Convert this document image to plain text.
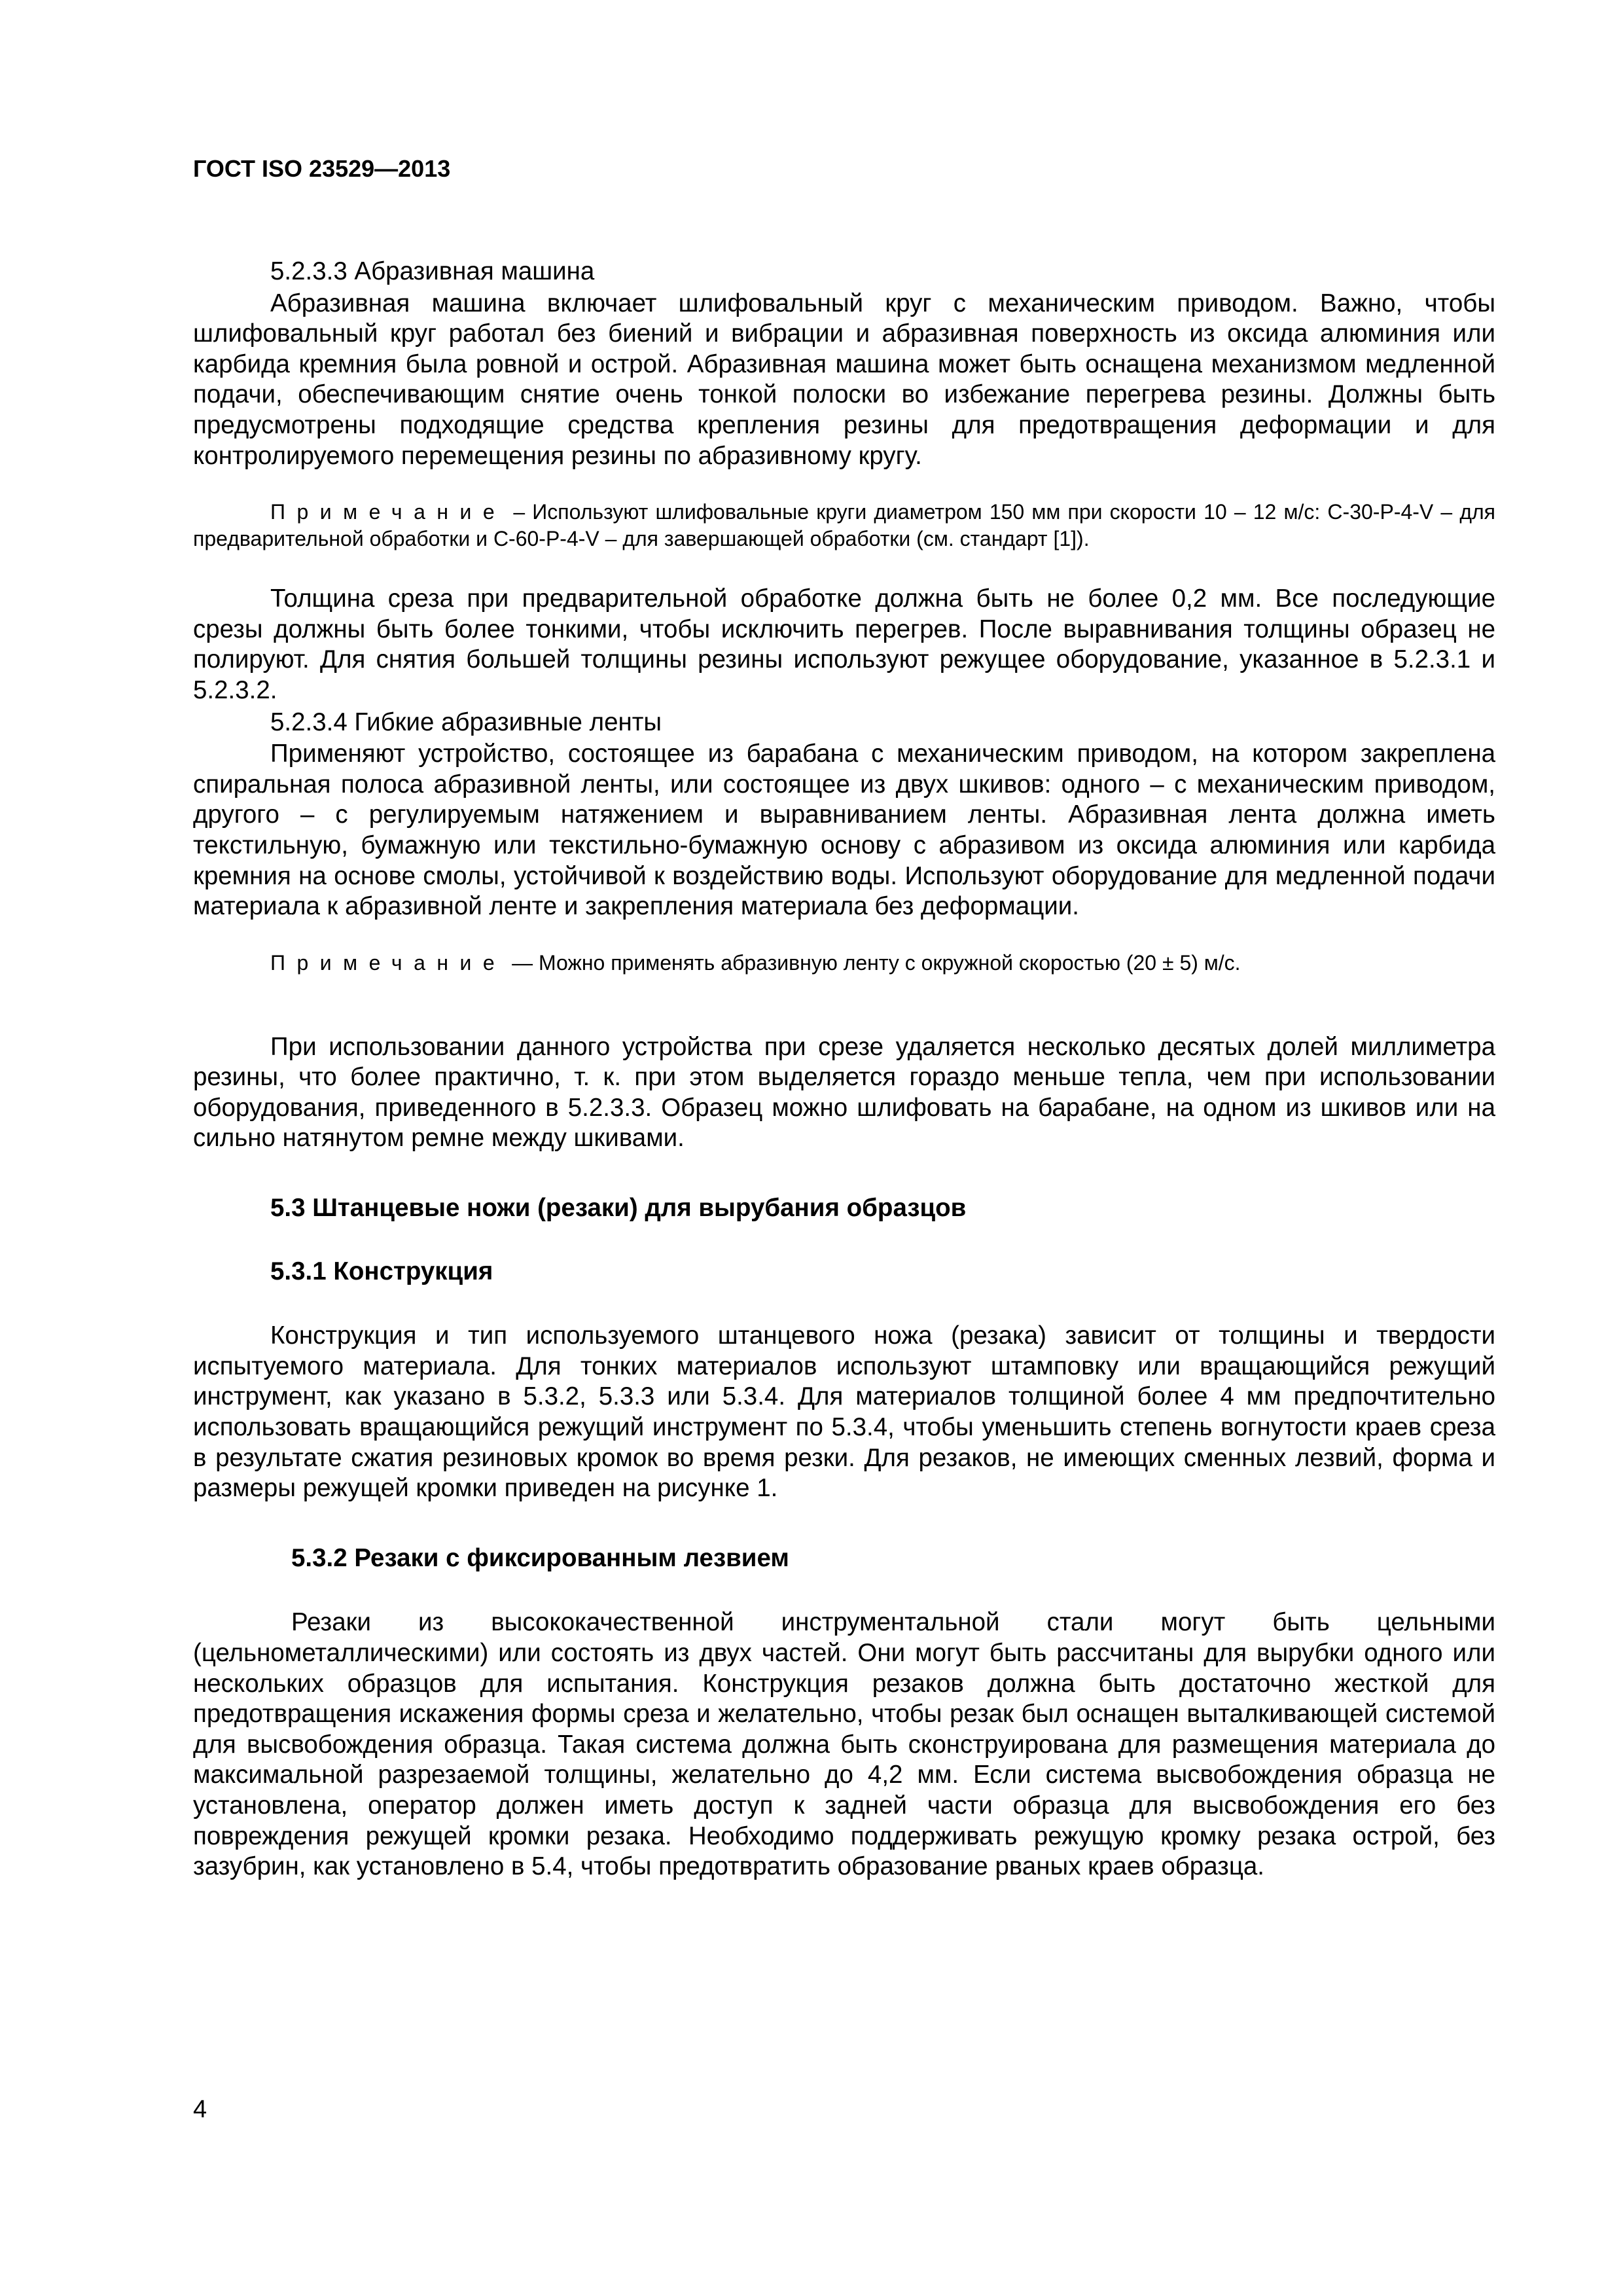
ГОСТ ISO 23529—2013

5.2.3.3 Абразивная машина

Абразивная машина включает шлифовальный круг с механическим приводом. Важно, чтобы шлифовальный круг работал без биений и вибрации и абразивная поверхность из оксида алюминия или карбида кремния была ровной и острой. Абразивная машина может быть оснащена механизмом медленной подачи, обеспечивающим снятие очень тонкой полоски во избежание перегрева резины. Должны быть предусмотрены подходящие средства крепления резины для предотвращения деформации и для контролируемого перемещения резины по абразивному кругу.

Примечание – Используют шлифовальные круги диаметром 150 мм при скорости 10 – 12 м/с: С-30-Р-4-V – для предварительной обработки и С-60-Р-4-V – для завершающей обработки (см. стандарт [1]).

Толщина среза при предварительной обработке должна быть не более 0,2 мм. Все последующие срезы должны быть более тонкими, чтобы исключить перегрев. После выравнивания толщины образец не полируют. Для снятия большей толщины резины используют режущее оборудование, указанное в 5.2.3.1 и 5.2.3.2.

5.2.3.4 Гибкие абразивные ленты

Применяют устройство, состоящее из барабана с механическим приводом, на котором закреплена спиральная полоса абразивной ленты, или состоящее из двух шкивов: одного – с механическим приводом, другого – с регулируемым натяжением и выравниванием ленты. Абразивная лента должна иметь текстильную, бумажную или текстильно-бумажную основу с абразивом из оксида алюминия или карбида кремния на основе смолы, устойчивой к воздействию воды. Используют оборудование для медленной подачи материала к абразивной ленте и закрепления материала без деформации.

Примечание — Можно применять абразивную ленту с окружной скоростью (20 ± 5) м/с.

При использовании данного устройства при срезе удаляется несколько десятых долей миллиметра резины, что более практично, т. к. при этом выделяется гораздо меньше тепла, чем при использовании оборудования, приведенного в 5.2.3.3. Образец можно шлифовать на барабане, на одном из шкивов или на сильно натянутом ремне между шкивами.

5.3 Штанцевые ножи (резаки) для вырубания образцов
5.3.1 Конструкция

Конструкция и тип используемого штанцевого ножа (резака) зависит от толщины и твердости испытуемого материала. Для тонких материалов используют штамповку или вращающийся режущий инструмент, как указано в 5.3.2, 5.3.3 или 5.3.4. Для материалов толщиной более 4 мм предпочтительно использовать вращающийся режущий инструмент по 5.3.4, чтобы уменьшить степень вогнутости краев среза в результате сжатия резиновых кромок во время резки. Для резаков, не имеющих сменных лезвий, форма и размеры режущей кромки приведен на рисунке 1.

5.3.2 Резаки с фиксированным лезвием

Резаки из высококачественной инструментальной стали могут быть цельными (цельнометаллическими) или состоять из двух частей. Они могут быть рассчитаны для вырубки одного или нескольких образцов для испытания. Конструкция резаков должна быть достаточно жесткой для предотвращения искажения формы среза и желательно, чтобы резак был оснащен выталкивающей системой для высвобождения образца. Такая система должна быть сконструирована для размещения материала до максимальной разрезаемой толщины, желательно до 4,2 мм. Если система высвобождения образца не установлена, оператор должен иметь доступ к задней части образца для высвобождения его без повреждения режущей кромки резака. Необходимо поддерживать режущую кромку резака острой, без зазубрин, как установлено в 5.4, чтобы предотвратить образование рваных краев образца.

4
